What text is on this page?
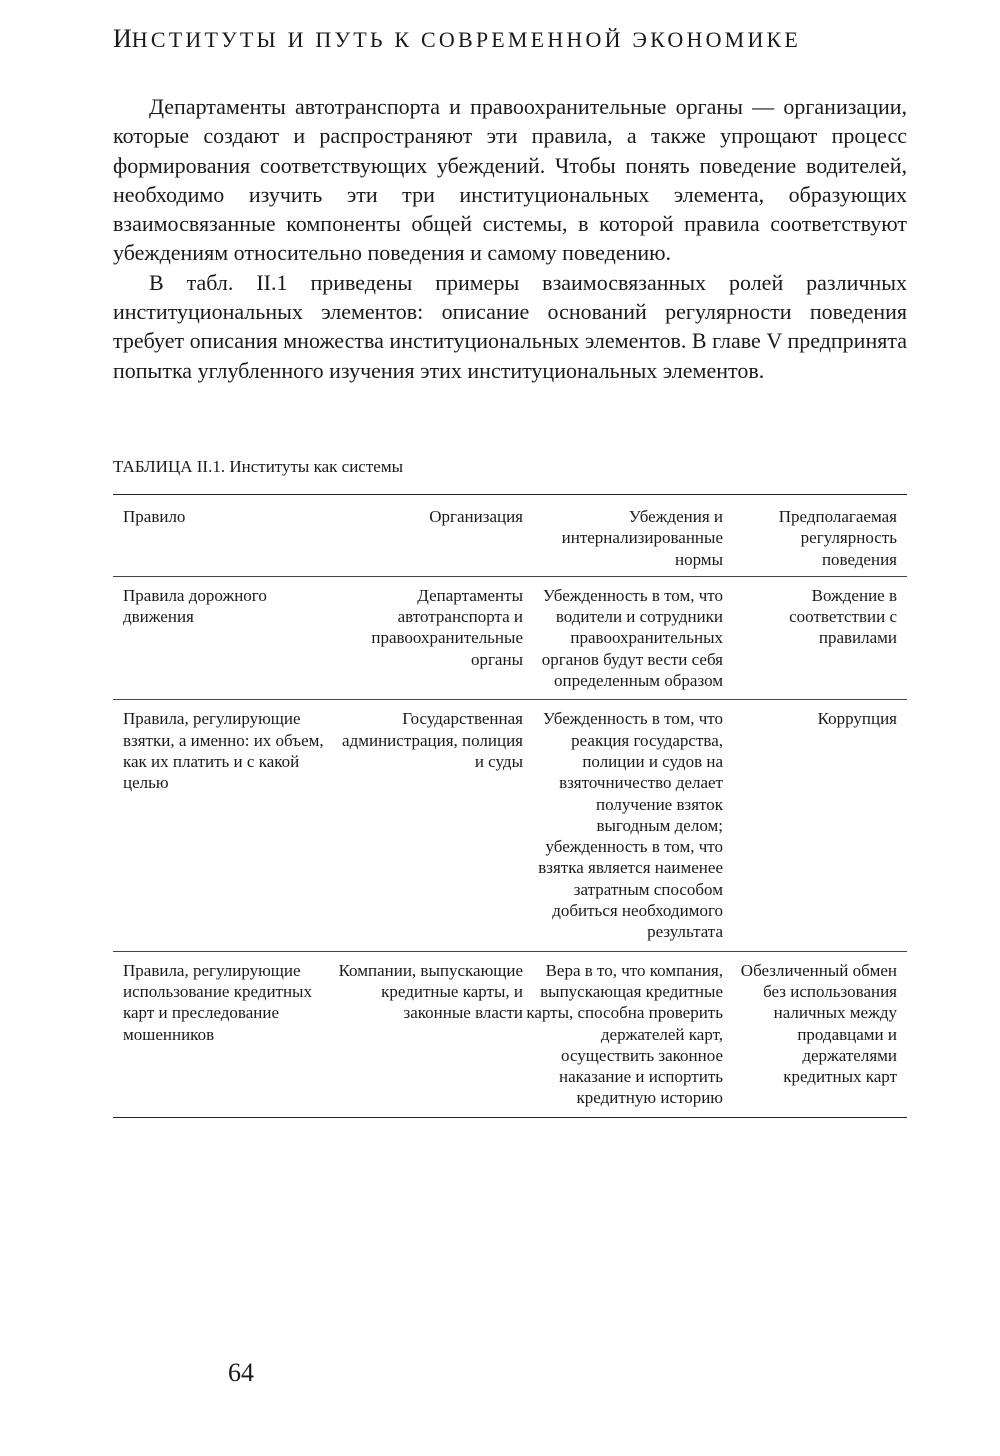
ИНСТИТУТЫ И ПУТЬ К СОВРЕМЕННОЙ ЭКОНОМИКЕ

Департаменты автотранспорта и правоохранительные органы — организации, которые создают и распространяют эти правила, а также упрощают процесс формирования соответствующих убеждений. Чтобы понять поведение водителей, необходимо изучить эти три институциональных элемента, образующих взаимосвязанные компоненты общей системы, в которой правила соответствуют убеждениям относительно поведения и самому поведению.

В табл. II.1 приведены примеры взаимосвязанных ролей различных институциональных элементов: описание оснований регулярности поведения требует описания множества институциональных элементов. В главе V предпринята попытка углубленного изучения этих институциональных элементов.

ТАБЛИЦА II.1. Институты как системы
Правило	Организация	Убеждения и интернализированные нормы	Предполагаемая регулярность поведения
Правила дорожного движения	Департаменты автотранспорта и правоохранительные органы	Убежденность в том, что водители и сотрудники правоохранительных органов будут вести себя определенным образом	Вождение в соответствии с правилами
Правила, регулирующие взятки, а именно: их объем, как их платить и с какой целью	Государственная администрация, полиция и суды	Убежденность в том, что реакция государства, полиции и судов на взяточничество делает получение взяток выгодным делом; убежденность в том, что взятка является наименее затратным способом добиться необходимого результата	Коррупция
Правила, регулирующие использование кредитных карт и преследование мошенников	Компании, выпускающие кредитные карты, и законные власти	Вера в то, что компания, выпускающая кредитные карты, способна проверить держателей карт, осуществить законное наказание и испортить кредитную историю	Обезличенный обмен без использования наличных между продавцами и держателями кредитных карт
64
